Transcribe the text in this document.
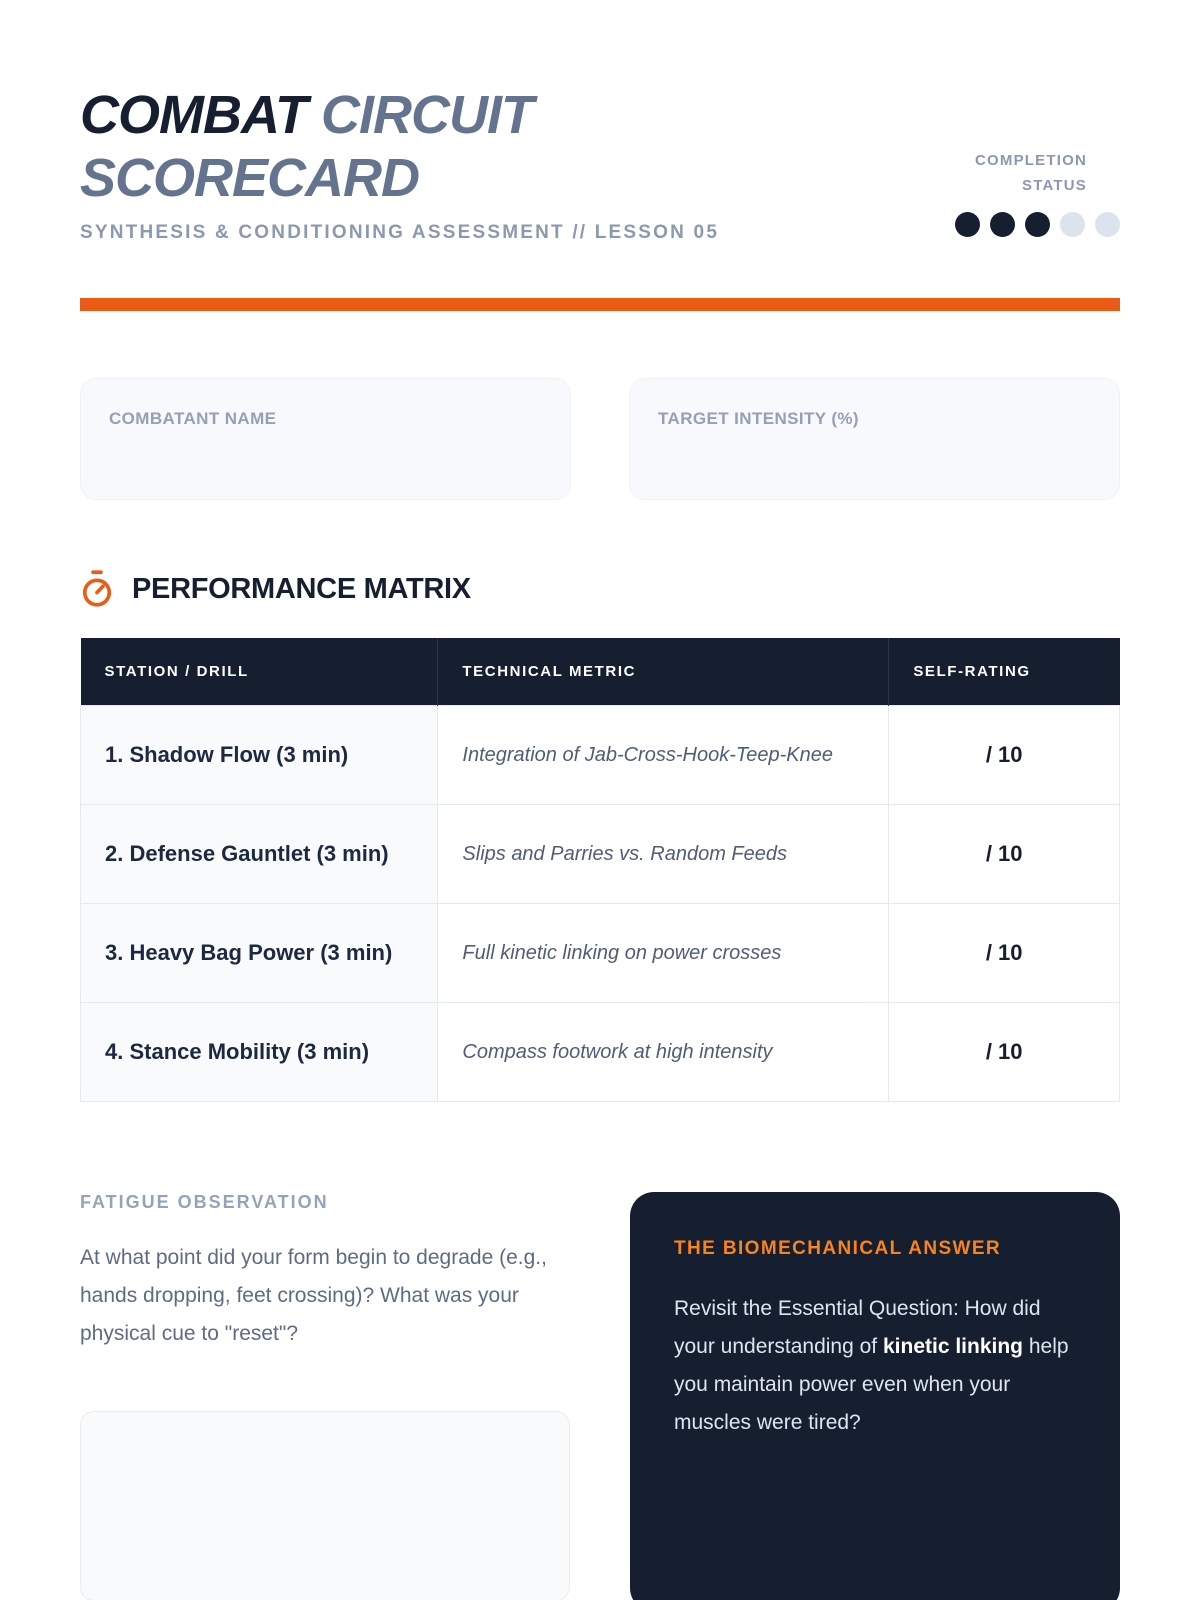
COMBAT CIRCUIT SCORECARD

SYNTHESIS & CONDITIONING ASSESSMENT // LESSON 05

COMPLETION STATUS
COMBATANT NAME	TARGET INTENSITY (%)
PERFORMANCE MATRIX
STATION / DRILL	TECHNICAL METRIC	SELF-RATING
1. Shadow Flow (3 min)	Integration of Jab-Cross-Hook-Teep-Knee	/ 10
2. Defense Gauntlet (3 min)	Slips and Parries vs. Random Feeds	/ 10
3. Heavy Bag Power (3 min)	Full kinetic linking on power crosses	/ 10
4. Stance Mobility (3 min)	Compass footwork at high intensity	/ 10
FATIGUE OBSERVATION

At what point did your form begin to degrade (e.g., hands dropping, feet crossing)? What was your physical cue to "reset"?

THE BIOMECHANICAL ANSWER

Revisit the Essential Question: How did your understanding of kinetic linking help you maintain power even when your muscles were tired?
